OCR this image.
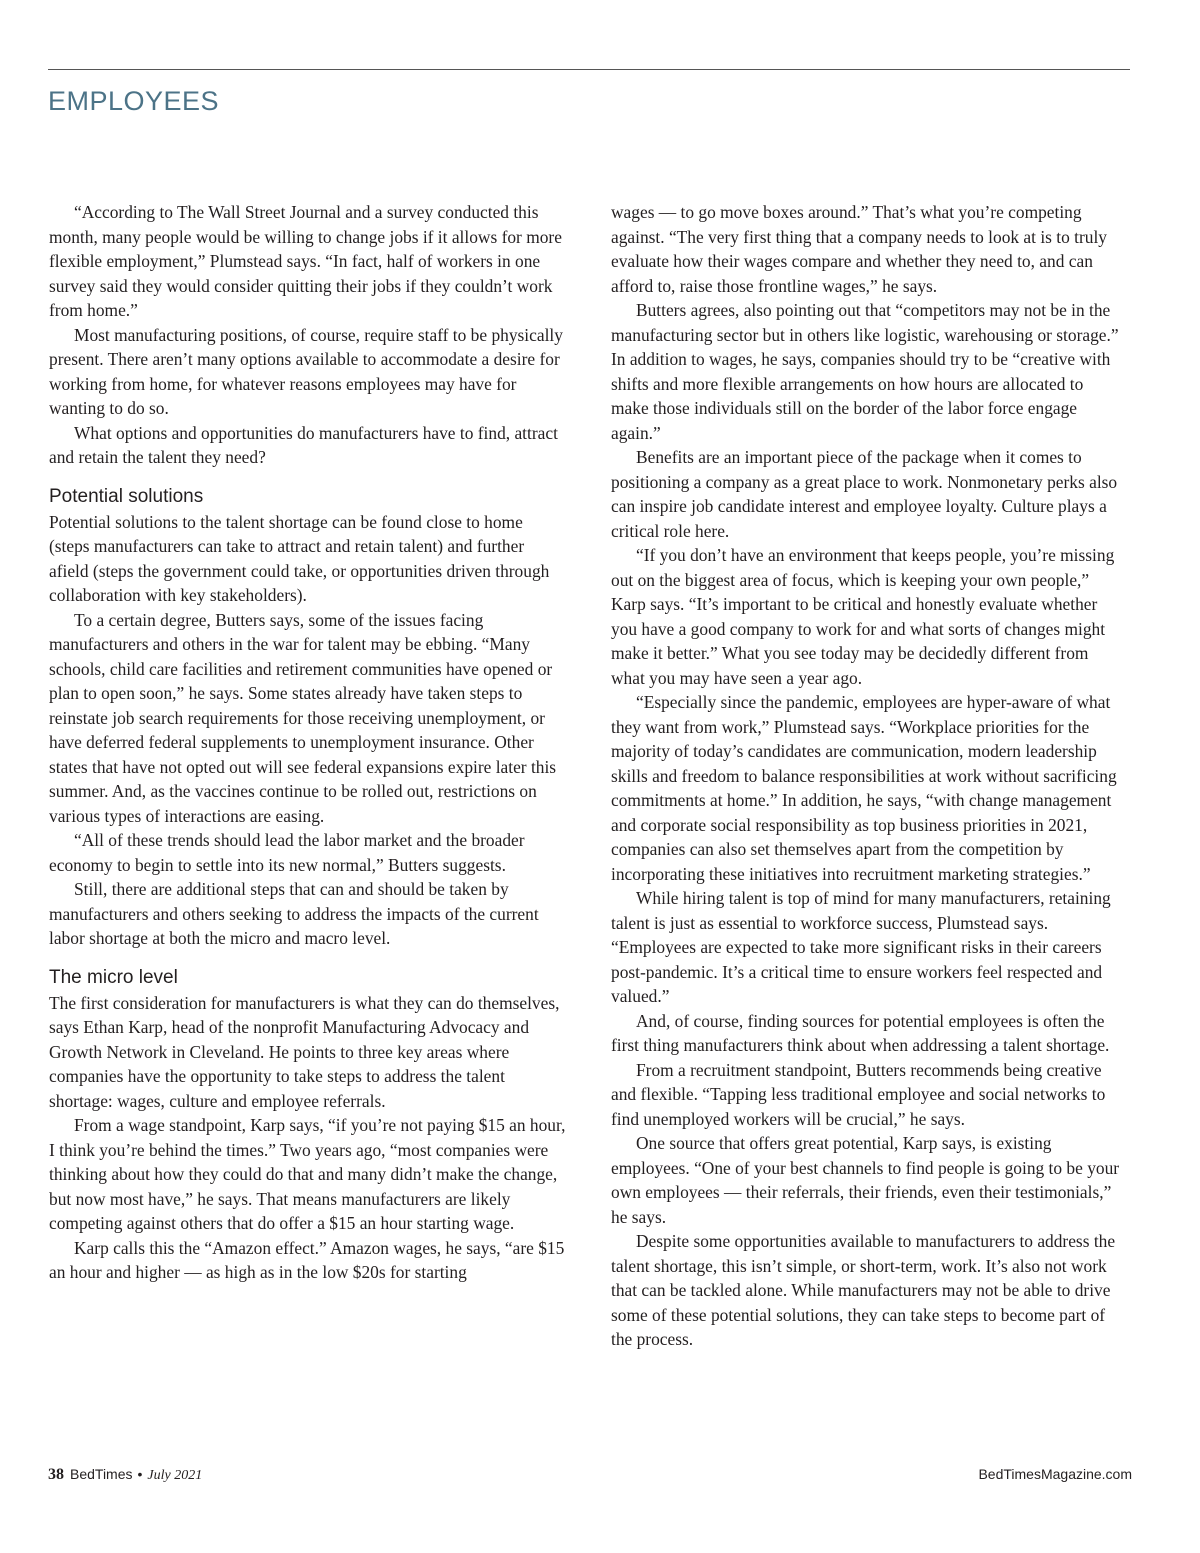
EMPLOYEES

“According to The Wall Street Journal and a survey conducted this month, many people would be willing to change jobs if it allows for more flexible employment,” Plumstead says. “In fact, half of workers in one survey said they would consider quitting their jobs if they couldn’t work from home.”

Most manufacturing positions, of course, require staff to be physically present. There aren’t many options available to accommodate a desire for working from home, for whatever reasons employees may have for wanting to do so.

What options and opportunities do manufacturers have to find, attract and retain the talent they need?

Potential solutions

Potential solutions to the talent shortage can be found close to home (steps manufacturers can take to attract and retain talent) and further afield (steps the government could take, or opportunities driven through collaboration with key stakeholders).

To a certain degree, Butters says, some of the issues facing manufacturers and others in the war for talent may be ebbing. “Many schools, child care facilities and retirement communities have opened or plan to open soon,” he says. Some states already have taken steps to reinstate job search requirements for those receiving unemployment, or have deferred federal supplements to unemployment insurance. Other states that have not opted out will see federal expansions expire later this summer. And, as the vaccines continue to be rolled out, restrictions on various types of interactions are easing.

“All of these trends should lead the labor market and the broader economy to begin to settle into its new normal,” Butters suggests.

Still, there are additional steps that can and should be taken by manufacturers and others seeking to address the impacts of the current labor shortage at both the micro and macro level.

The micro level

The first consideration for manufacturers is what they can do themselves, says Ethan Karp, head of the nonprofit Manufacturing Advocacy and Growth Network in Cleveland. He points to three key areas where companies have the opportunity to take steps to address the talent shortage: wages, culture and employee referrals.

From a wage standpoint, Karp says, “if you’re not paying $15 an hour, I think you’re behind the times.” Two years ago, “most companies were thinking about how they could do that and many didn’t make the change, but now most have,” he says. That means manufacturers are likely competing against others that do offer a $15 an hour starting wage.

Karp calls this the “Amazon effect.” Amazon wages, he says, “are $15 an hour and higher — as high as in the low $20s for starting

wages — to go move boxes around.” That’s what you’re competing against. “The very first thing that a company needs to look at is to truly evaluate how their wages compare and whether they need to, and can afford to, raise those frontline wages,” he says.

Butters agrees, also pointing out that “competitors may not be in the manufacturing sector but in others like logistic, warehousing or storage.” In addition to wages, he says, companies should try to be “creative with shifts and more flexible arrangements on how hours are allocated to make those individuals still on the border of the labor force engage again.”

Benefits are an important piece of the package when it comes to positioning a company as a great place to work. Nonmonetary perks also can inspire job candidate interest and employee loyalty. Culture plays a critical role here.

“If you don’t have an environment that keeps people, you’re missing out on the biggest area of focus, which is keeping your own people,” Karp says. “It’s important to be critical and honestly evaluate whether you have a good company to work for and what sorts of changes might make it better.” What you see today may be decidedly different from what you may have seen a year ago.

“Especially since the pandemic, employees are hyper-aware of what they want from work,” Plumstead says. “Workplace priorities for the majority of today’s candidates are communication, modern leadership skills and freedom to balance responsibilities at work without sacrificing commitments at home.” In addition, he says, “with change management and corporate social responsibility as top business priorities in 2021, companies can also set themselves apart from the competition by incorporating these initiatives into recruitment marketing strategies.”

While hiring talent is top of mind for many manufacturers, retaining talent is just as essential to workforce success, Plumstead says. “Employees are expected to take more significant risks in their careers post-pandemic. It’s a critical time to ensure workers feel respected and valued.”

And, of course, finding sources for potential employees is often the first thing manufacturers think about when addressing a talent shortage.

From a recruitment standpoint, Butters recommends being creative and flexible. “Tapping less traditional employee and social networks to find unemployed workers will be crucial,” he says.

One source that offers great potential, Karp says, is existing employees. “One of your best channels to find people is going to be your own employees — their referrals, their friends, even their testimonials,” he says.

Despite some opportunities available to manufacturers to address the talent shortage, this isn’t simple, or short-term, work. It’s also not work that can be tackled alone. While manufacturers may not be able to drive some of these potential solutions, they can take steps to become part of the process.

38 BedTimes • July 2021	BedTimesMagazine.com
